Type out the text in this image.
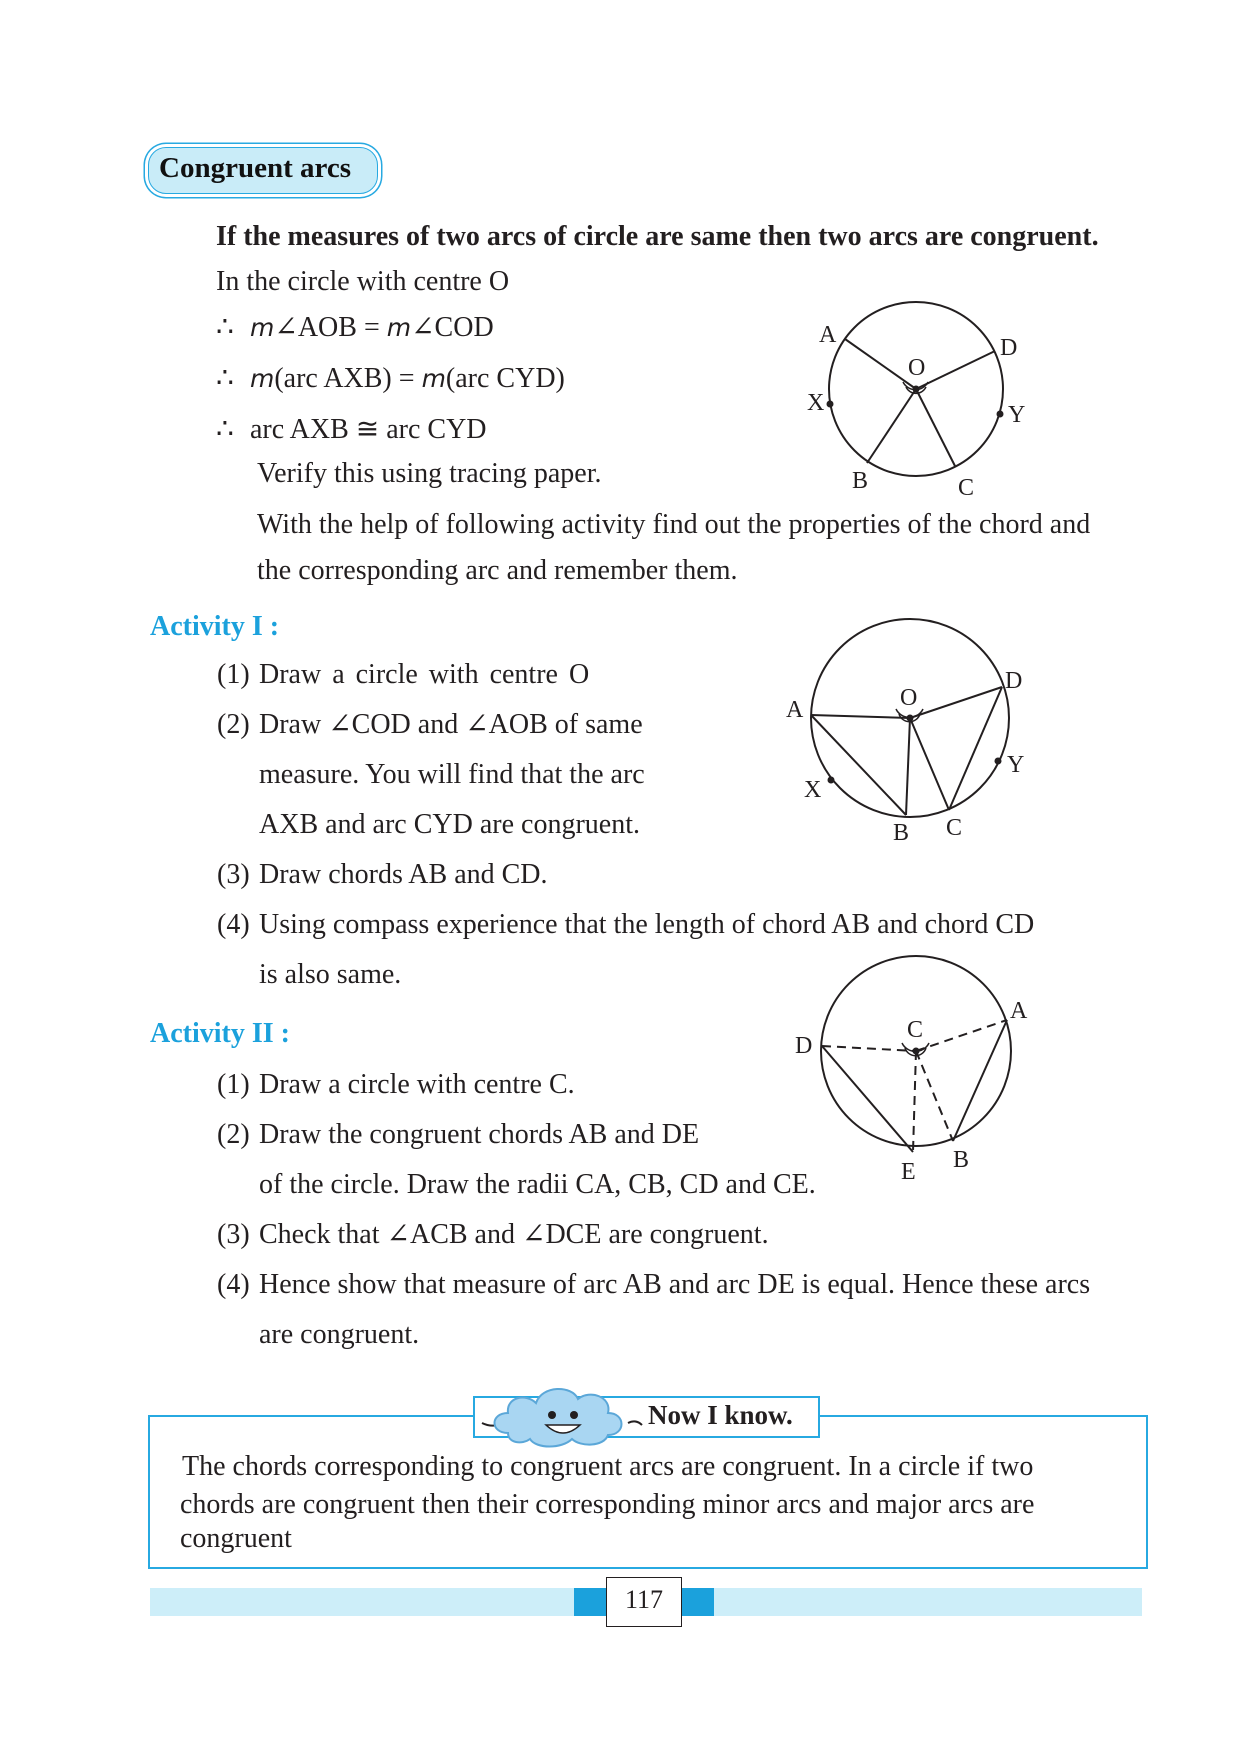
Congruent arcs
If the measures of two arcs of circle are same then two arcs are congruent.
In the circle with centre O
∴ m∠AOB = m∠COD
∴ m(arc AXB) = m(arc CYD)
∴ arc AXB ≅ arc CYD
Verify this using tracing paper.
With the help of following activity find out the properties of the chord and
the corresponding arc and remember them.
A	D
O
X	Y
B	C
Activity I :
(1) Draw a circle with centre O
(2) Draw ∠COD and ∠AOB of same
measure. You will find that the arc
AXB and arc CYD are congruent.
(3) Draw chords AB and CD.
(4) Using compass experience that the length of chord AB and chord CD
is also same.
A
D
O
X
Y
B C
Activity II :
(1) Draw a circle with centre C.
(2) Draw the congruent chords AB and DE
of the circle. Draw the radii CA, CB, CD and CE.
(3) Check that ∠ACB and ∠DCE are congruent.
(4) Hence show that measure of arc AB and arc DE is equal. Hence these arcs
are congruent.
A
D
C
E B
Now I know.
The chords corresponding to congruent arcs are congruent. In a circle if two
chords are congruent then their corresponding minor arcs and major arcs are
congruent
117
